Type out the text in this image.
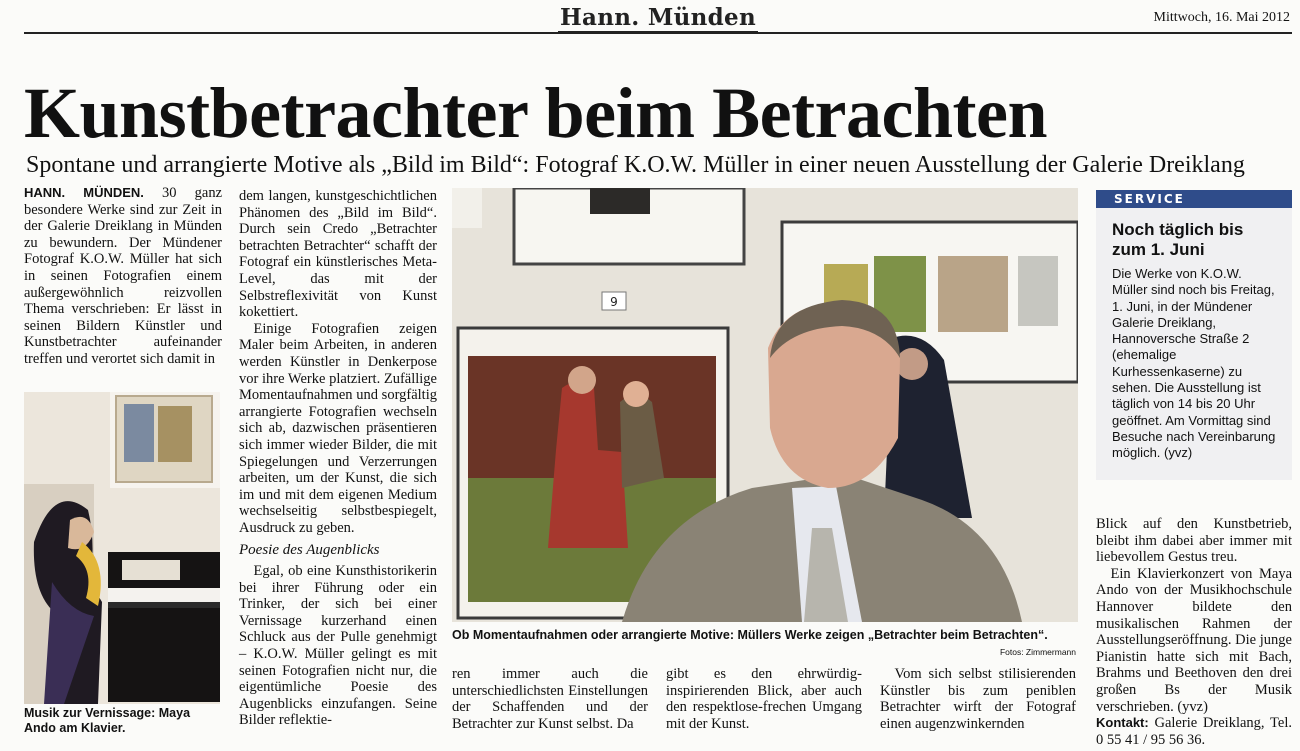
Hann. Münden	Mittwoch, 16. Mai 2012
Kunstbetrachter beim Betrachten
Spontane und arrangierte Motive als „Bild im Bild“: Fotograf K.O.W. Müller in einer neuen Ausstellung der Galerie Dreiklang

HANN. MÜNDEN. 30 ganz besondere Werke sind zur Zeit in der Galerie Dreiklang in Münden zu bewundern. Der Mündener Fotograf K.O.W. Müller hat sich in seinen Fotografien einem außergewöhnlich reizvollen Thema verschrieben: Er lässt in seinen Bildern Künstler und Kunstbetrachter aufeinander treffen und verortet sich damit in

Musik zur Vernissage: Maya Ando am Klavier.

dem langen, kunstgeschichtlichen Phänomen des „Bild im Bild“. Durch sein Credo „Betrachter betrachten Betrachter“ schafft der Fotograf ein künstlerisches Meta-Level, das mit der Selbstreflexivität von Kunst kokettiert.

Einige Fotografien zeigen Maler beim Arbeiten, in anderen werden Künstler in Denkerpose vor ihre Werke platziert. Zufällige Momentaufnahmen und sorgfältig arrangierte Fotografien wechseln sich ab, dazwischen präsentieren sich immer wieder Bilder, die mit Spiegelungen und Verzerrungen arbeiten, um der Kunst, die sich im und mit dem eigenen Medium wechselseitig selbstbespiegelt, Ausdruck zu geben.

Poesie des Augenblicks

Egal, ob eine Kunsthistorikerin bei ihrer Führung oder ein Trinker, der sich bei einer Vernissage kurzerhand einen Schluck aus der Pulle genehmigt – K.O.W. Müller gelingt es mit seinen Fotografien nicht nur, die eigentümliche Poesie des Augenblicks einzufangen. Seine Bilder reflektie-

9
Ob Momentaufnahmen oder arrangierte Motive: Müllers Werke zeigen „Betrachter beim Betrachten“.
Fotos: Zimmermann

ren immer auch die unterschiedlichsten Einstellungen der Schaffenden und der Betrachter zur Kunst selbst. Da

gibt es den ehrwürdig-inspirierenden Blick, aber auch den respektlose-frechen Umgang mit der Kunst.

Vom sich selbst stilisierenden Künstler bis zum peniblen Betrachter wirft der Fotograf einen augenzwinkernden

SERVICE
Noch täglich bis zum 1. Juni
Die Werke von K.O.W. Müller sind noch bis Freitag, 1. Juni, in der Mündener Galerie Dreiklang, Hannoversche Straße 2 (ehemalige Kurhessenkaserne) zu sehen. Die Ausstellung ist täglich von 14 bis 20 Uhr geöffnet. Am Vormittag sind Besuche nach Vereinbarung möglich. (yvz)

Blick auf den Kunstbetrieb, bleibt ihm dabei aber immer mit liebevollem Gestus treu.

Ein Klavierkonzert von Maya Ando von der Musikhochschule Hannover bildete den musikalischen Rahmen der Ausstellungseröffnung. Die junge Pianistin hatte sich mit Bach, Brahms und Beethoven den drei großen Bs der Musik verschrieben. (yvz)

Kontakt: Galerie Dreiklang, Tel. 0 55 41 / 95 56 36.
